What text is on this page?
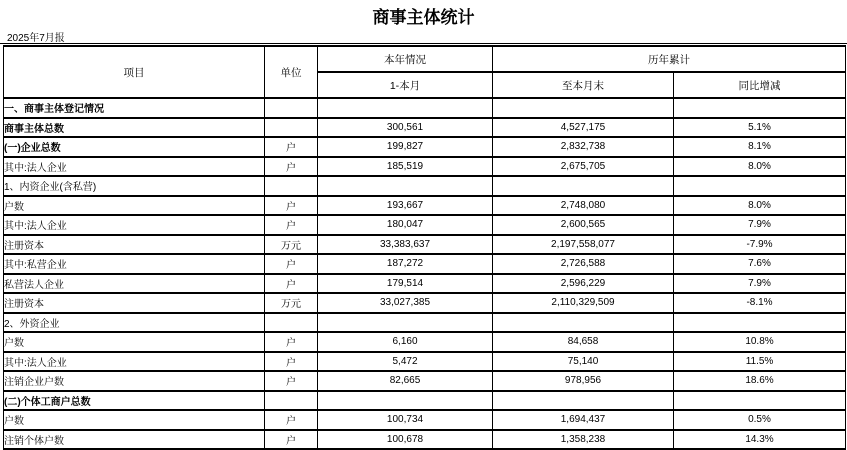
商事主体统计
2025年7月报
项目	单位	本年情况	历年累计	
		1-本月	至本月末	同比增减
一、商事主体登记情况				
商事主体总数		300,561	4,527,175	5.1%
(一)企业总数	户	199,827	2,832,738	8.1%
其中:法人企业	户	185,519	2,675,705	8.0%
1、内资企业(含私营)				
户数	户	193,667	2,748,080	8.0%
其中:法人企业	户	180,047	2,600,565	7.9%
注册资本	万元	33,383,637	2,197,558,077	-7.9%
其中:私营企业	户	187,272	2,726,588	7.6%
私营法人企业	户	179,514	2,596,229	7.9%
注册资本	万元	33,027,385	2,110,329,509	-8.1%
2、外资企业				
户数	户	6,160	84,658	10.8%
其中:法人企业	户	5,472	75,140	11.5%
注销企业户数	户	82,665	978,956	18.6%
(二)个体工商户总数				
户数	户	100,734	1,694,437	0.5%
注销个体户数	户	100,678	1,358,238	14.3%
